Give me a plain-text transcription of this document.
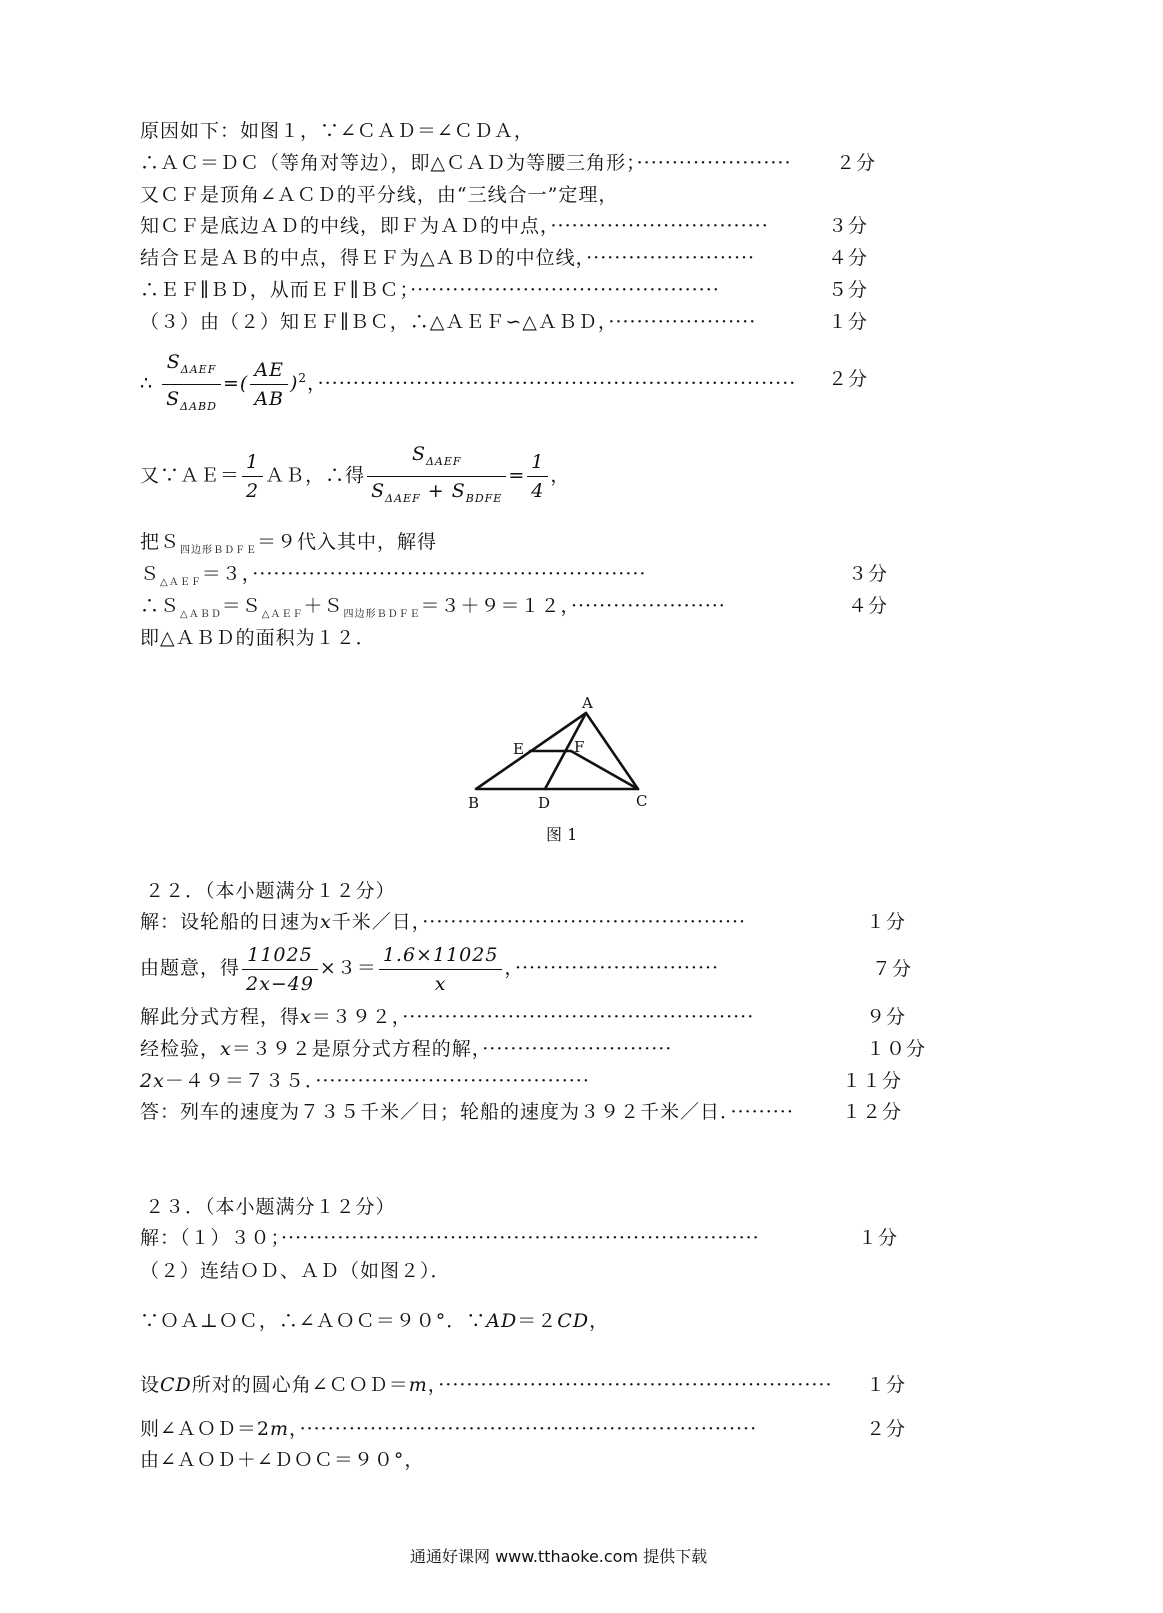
原因如下：如图１，∵∠ＣＡＤ＝∠ＣＤＡ，
∴ＡＣ＝ＤＣ（等角对等边），即△ＣＡＤ为等腰三角形；······················ ２分
又ＣＦ是顶角∠ＡＣＤ的平分线，由“三线合一”定理，
知ＣＦ是底边ＡＤ的中线，即Ｆ为ＡＤ的中点，·······························	３分
结合Ｅ是ＡＢ的中点，得ＥＦ为△ＡＢＤ的中位线，························	４分
∴ＥＦ∥ＢＤ，从而ＥＦ∥ＢＣ；············································	５分
（３）由（２）知ＥＦ∥ＢＣ，∴△ＡＥＦ∽△ＡＢＤ，·····················	１分
∴ $\frac{S_{\Delta AEF}}{S_{\Delta ABD}}$ =( $\frac{AE}{AB} )^2$，···································································· ２分
又∵ＡＥ＝ $\frac{1}{2}$ ＡＢ，∴得 $\frac{S_{\Delta AEF}}{S_{\Delta AEF} + S_{BDFE}} = \frac{1}{4}$ ，
把Ｓ$_{四边形BDFE}$＝９代入其中，解得
Ｓ$_{\triangle AEF}$＝３，························································	３分
∴Ｓ$_{\triangle ABD}$＝Ｓ$_{\triangle AEF}$＋Ｓ$_{四边形BDFE}$＝３＋９＝１２，······················	４分
即△ＡＢＤ的面积为１２．
A
E	F
B	D	C
图 1
２２．（本小题满分１２分）
解：设轮船的日速为x千米／日，··············································	１分
由题意，得 $\frac{11025}{2x-49} \times 3= \frac{1.6\times 11025}{x}$ ，·····························	７分
解此分式方程，得x＝３９２，··················································	９分
经检验，x＝３９２是原分式方程的解，···························	１０分
2x－４９＝７３５．·······································	１１分
答：列车的速度为７３５千米／日；轮船的速度为３９２千米／日．·········	１２分
２３．（本小题满分１２分）
解：（１）３０；····································································	１分
（２）连结ＯＤ、ＡＤ（如图２）．
∵ＯＡ⊥ＯＣ，∴∠ＡＯＣ＝９０°．∵AD＝２CD，
设CD所对的圆心角∠ＣＯＤ＝m，························································ １分
则∠ＡＯＤ＝2m，·································································	２分
由∠ＡＯＤ＋∠ＤＯＣ＝９０°，
通通好课网 www.tthaoke.com 提供下载
